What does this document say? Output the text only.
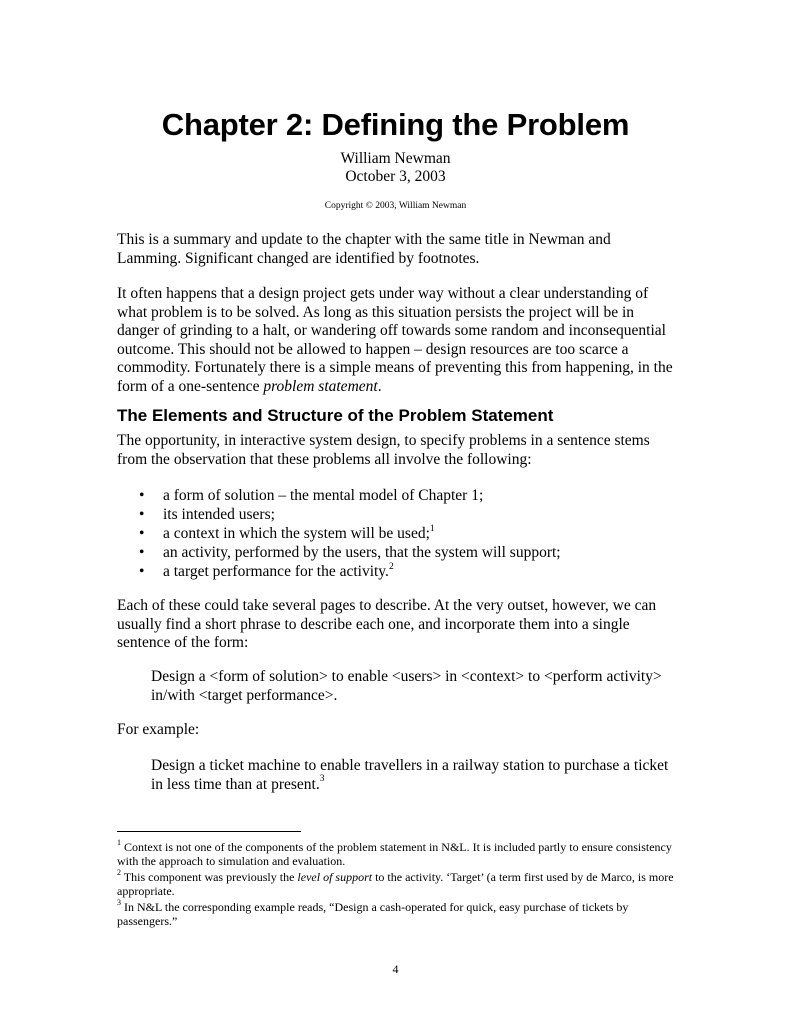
Chapter 2: Defining the Problem
William Newman
October 3, 2003
Copyright © 2003, William Newman
This is a summary and update to the chapter with the same title in Newman and Lamming. Significant changed are identified by footnotes.
It often happens that a design project gets under way without a clear understanding of what problem is to be solved. As long as this situation persists the project will be in danger of grinding to a halt, or wandering off towards some random and inconsequential outcome. This should not be allowed to happen – design resources are too scarce a commodity. Fortunately there is a simple means of preventing this from happening, in the form of a one-sentence problem statement.
The Elements and Structure of the Problem Statement
The opportunity, in interactive system design, to specify problems in a sentence stems from the observation that these problems all involve the following:
• a form of solution – the mental model of Chapter 1;
• its intended users;
• a context in which the system will be used;$^1$
• an activity, performed by the users, that the system will support;
• a target performance for the activity.$^2$
Each of these could take several pages to describe. At the very outset, however, we can usually find a short phrase to describe each one, and incorporate them into a single sentence of the form:
Design a <form of solution> to enable <users> in <context> to <perform activity> in/with <target performance>.
For example:
Design a ticket machine to enable travellers in a railway station to purchase a ticket in less time than at present.$^3$

$^1$ Context is not one of the components of the problem statement in N&L. It is included partly to ensure consistency with the approach to simulation and evaluation.

$^2$ This component was previously the level of support to the activity. ‘Target’ (a term first used by de Marco, is more appropriate.

$^3$ In N&L the corresponding example reads, “Design a cash-operated for quick, easy purchase of tickets by passengers.”

4
